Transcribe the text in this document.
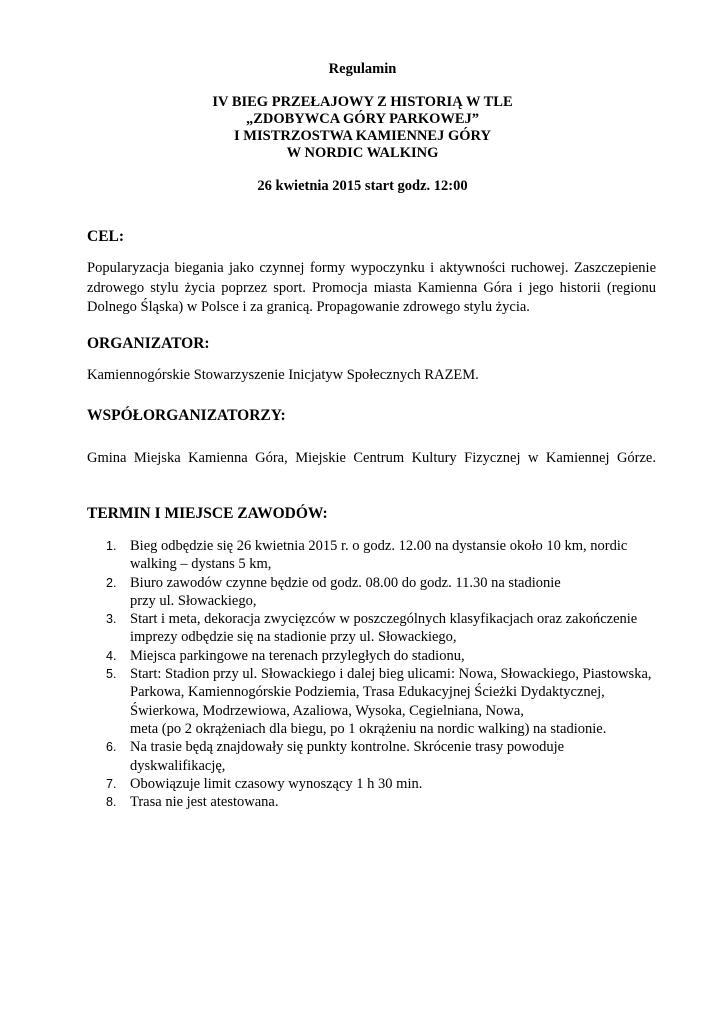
Regulamin
IV BIEG PRZEŁAJOWY Z HISTORIĄ W TLE
„ZDOBYWCA GÓRY PARKOWEJ”
I MISTRZOSTWA KAMIENNEJ GÓRY
W NORDIC WALKING
26 kwietnia 2015 start godz. 12:00
CEL:
Popularyzacja biegania jako czynnej formy wypoczynku i aktywności ruchowej. Zaszczepienie
zdrowego stylu życia poprzez sport. Promocja miasta Kamienna Góra i jego historii (regionu
Dolnego Śląska) w Polsce i za granicą. Propagowanie zdrowego stylu życia.
ORGANIZATOR:
Kamiennogórskie Stowarzyszenie Inicjatyw Społecznych RAZEM.
WSPÓŁORGANIZATORZY:
Gmina Miejska Kamienna Góra, Miejskie Centrum Kultury Fizycznej w Kamiennej Górze.
TERMIN I MIEJSCE ZAWODÓW:
1. Bieg odbędzie się 26 kwietnia 2015 r. o godz. 12.00 na dystansie około 10 km, nordic
walking – dystans 5 km,
2. Biuro zawodów czynne będzie od godz. 08.00 do godz. 11.30 na stadionie
przy ul. Słowackiego,
3. Start i meta, dekoracja zwycięzców w poszczególnych klasyfikacjach oraz zakończenie
imprezy odbędzie się na stadionie przy ul. Słowackiego,
4. Miejsca parkingowe na terenach przyległych do stadionu,
5. Start: Stadion przy ul. Słowackiego i dalej bieg ulicami: Nowa, Słowackiego, Piastowska,
Parkowa, Kamiennogórskie Podziemia, Trasa Edukacyjnej Ścieżki Dydaktycznej,
Świerkowa, Modrzewiowa, Azaliowa, Wysoka, Cegielniana, Nowa,
meta (po 2 okrążeniach dla biegu, po 1 okrążeniu na nordic walking) na stadionie.
6. Na trasie będą znajdowały się punkty kontrolne. Skrócenie trasy powoduje
dyskwalifikację,
7. Obowiązuje limit czasowy wynoszący 1 h 30 min.
8. Trasa nie jest atestowana.
